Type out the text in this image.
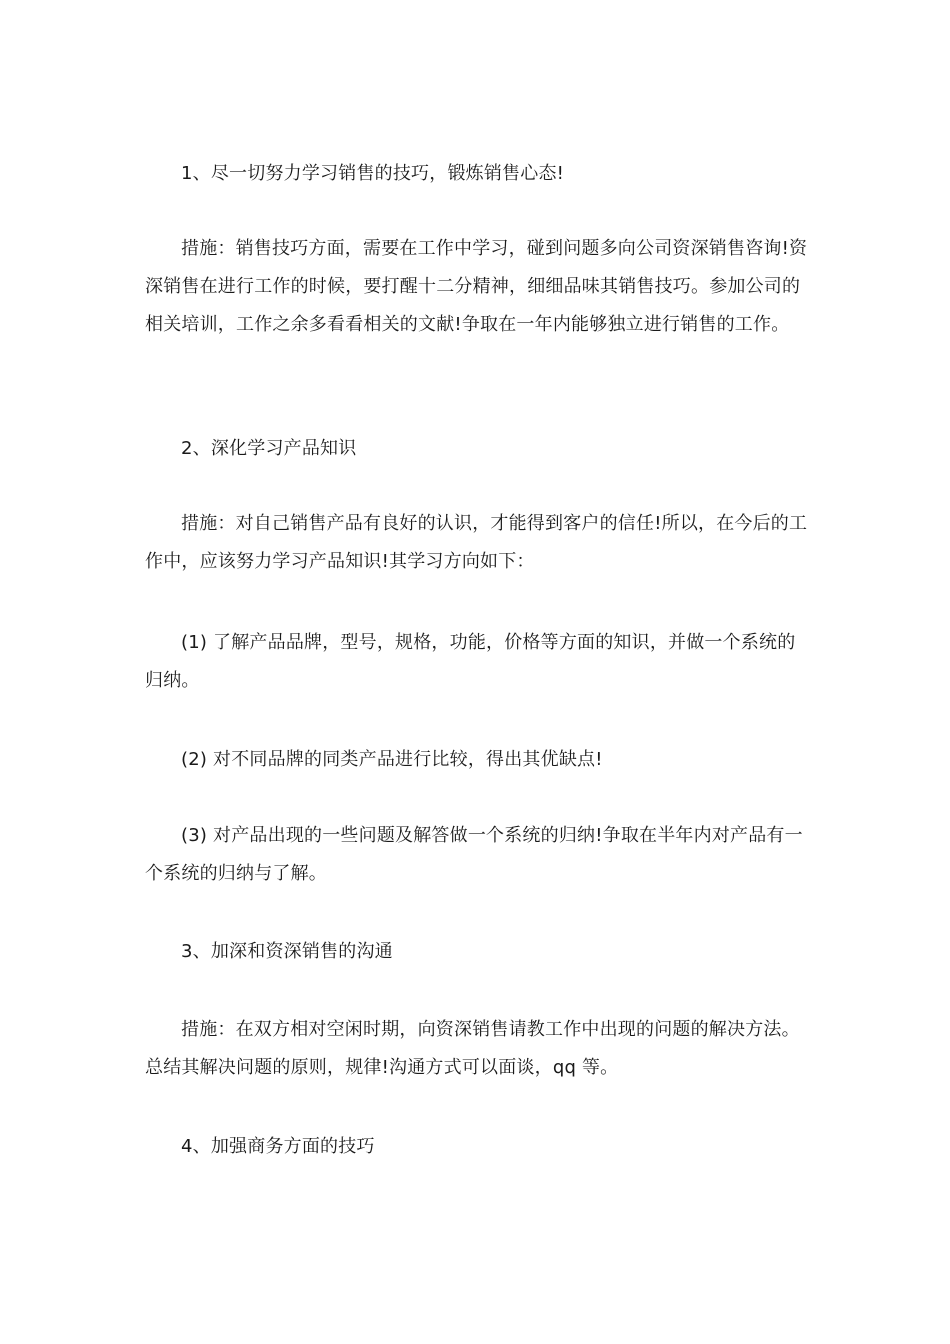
1、尽一切努力学习销售的技巧，锻炼销售心态!

措施：销售技巧方面，需要在工作中学习，碰到问题多向公司资深销售咨询!资深销售在进行工作的时候，要打醒十二分精神，细细品味其销售技巧。参加公司的相关培训，工作之余多看看相关的文献!争取在一年内能够独立进行销售的工作。

2、深化学习产品知识

措施：对自己销售产品有良好的认识，才能得到客户的信任!所以，在今后的工作中，应该努力学习产品知识!其学习方向如下：

(1) 了解产品品牌，型号，规格，功能，价格等方面的知识，并做一个系统的归纳。

(2) 对不同品牌的同类产品进行比较，得出其优缺点!

(3) 对产品出现的一些问题及解答做一个系统的归纳!争取在半年内对产品有一个系统的归纳与了解。

3、加深和资深销售的沟通

措施：在双方相对空闲时期，向资深销售请教工作中出现的问题的解决方法。总结其解决问题的原则，规律!沟通方式可以面谈，qq 等。

4、加强商务方面的技巧
